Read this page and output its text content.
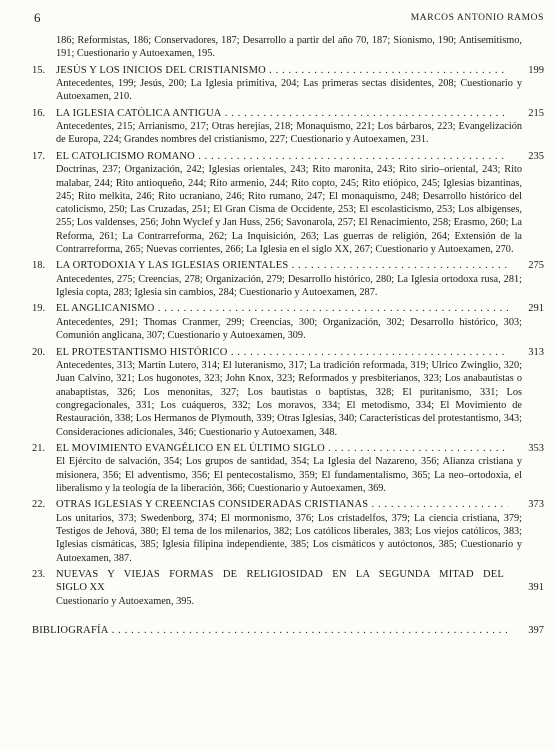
6	MARCOS ANTONIO RAMOS
186; Reformistas, 186; Conservadores, 187; Desarrollo a partir del año 70, 187; Sionismo, 190; Antisemitismo, 191; Cuestionario y Autoexamen, 195.
15.	JESÚS Y LOS INICIOS DEL CRISTIANISMO . . .	199
Antecedentes, 199; Jesús, 200; La Iglesia primitiva, 204; Las primeras sectas disidentes, 208; Cuestionario y Autoexamen, 210.
16.	LA IGLESIA CATÓLICA ANTIGUA . . .	215
Antecedentes, 215; Arrianismo, 217; Otras herejías, 218; Monaquismo, 221; Los bárbaros, 223; Evangelización de Europa, 224; Grandes nombres del cristianismo, 227; Cuestionario y Autoexamen, 231.
17.	EL CATOLICISMO ROMANO . . .	235
Doctrinas, 237; Organización, 242; Iglesias orientales, 243; Rito maronita, 243; Rito sirio–oriental, 243; Rito malabar, 244; Rito antioqueño, 244; Rito armenio, 244; Rito copto, 245; Rito etiópico, 245; Iglesias bizantinas, 245; Rito melkita, 246; Rito ucraniano, 246; Rito rumano, 247; El monaquismo, 248; Desarrollo histórico del catolicismo, 250; Las Cruzadas, 251; El Gran Cisma de Occidente, 253; El escolasticismo, 253; Los albigenses, 255; Los valdenses, 256; John Wyclef y Jan Huss, 256; Savonarola, 257; El Renacimiento, 258; Erasmo, 260; La Reforma, 261; La Contrarreforma, 262; La Inquisición, 263; Las guerras de religión, 264; Extensión de la Contrarreforma, 265; Nuevas corrientes, 266; La Iglesia en el siglo XX, 267; Cuestionario y Autoexamen, 270.
18.	LA ORTODOXIA Y LAS IGLESIAS ORIENTALES . . .	275
Antecedentes, 275; Creencias, 278; Organización, 279; Desarrollo histórico, 280; La Iglesia ortodoxa rusa, 281; Iglesia copta, 283; Iglesia sin cambios, 284; Cuestionario y Autoexamen, 287.
19.	EL ANGLICANISMO . . .	291
Antecedentes, 291; Thomas Cranmer, 299; Creencias, 300; Organización, 302; Desarrollo histórico, 303; Comunión anglicana, 307; Cuestionario y Autoexamen, 309.
20.	EL PROTESTANTISMO HISTÓRICO . . .	313
Antecedentes, 313; Martín Lutero, 314; El luteranismo, 317; La tradición reformada, 319; Ulrico Zwinglio, 320; Juan Calvino, 321; Los hugonotes, 323; John Knox, 323; Reformados y presbiterianos, 323; Los anabautistas o anabaptistas, 326; Los menonitas, 327; Los bautistas o baptistas, 328; El puritanismo, 331; Los congregacionales, 331; Los cuáqueros, 332; Los moravos, 334; El metodismo, 334; El Movimiento de Restauración, 338; Los Hermanos de Plymouth, 339; Otras Iglesias, 340; Características del protestantismo, 343; Consideraciones adicionales, 346; Cuestionario y Autoexamen, 348.
21.	EL MOVIMIENTO EVANGÉLICO EN EL ÚLTIMO SIGLO . . .	353
El Ejército de salvación, 354; Los grupos de santidad, 354; La Iglesia del Nazareno, 356; Alianza cristiana y misionera, 356; El adventismo, 356; El pentecostalismo, 359; El fundamentalismo, 365; La neo–ortodoxia, el liberalismo y la teología de la liberación, 366; Cuestionario y Autoexamen, 369.
22.	OTRAS IGLESIAS Y CREENCIAS CONSIDERADAS CRISTIANAS . . .	373
Los unitarios, 373; Swedenborg, 374; El mormonismo, 376; Los cristadelfos, 379; La ciencia cristiana, 379; Testigos de Jehová, 380; El tema de los milenarios, 382; Los católicos liberales, 383; Los viejos católicos, 383; Iglesias cismáticas, 385; Iglesia filipina independiente, 385; Los cismáticos y autóctonos, 385; Cuestionario y Autoexamen, 387.
23.	NUEVAS Y VIEJAS FORMAS DE RELIGIOSIDAD EN LA SEGUNDA MITAD DEL
SIGLO XX	391
Cuestionario y Autoexamen, 395.
BIBLIOGRAFÍA . . .	397
